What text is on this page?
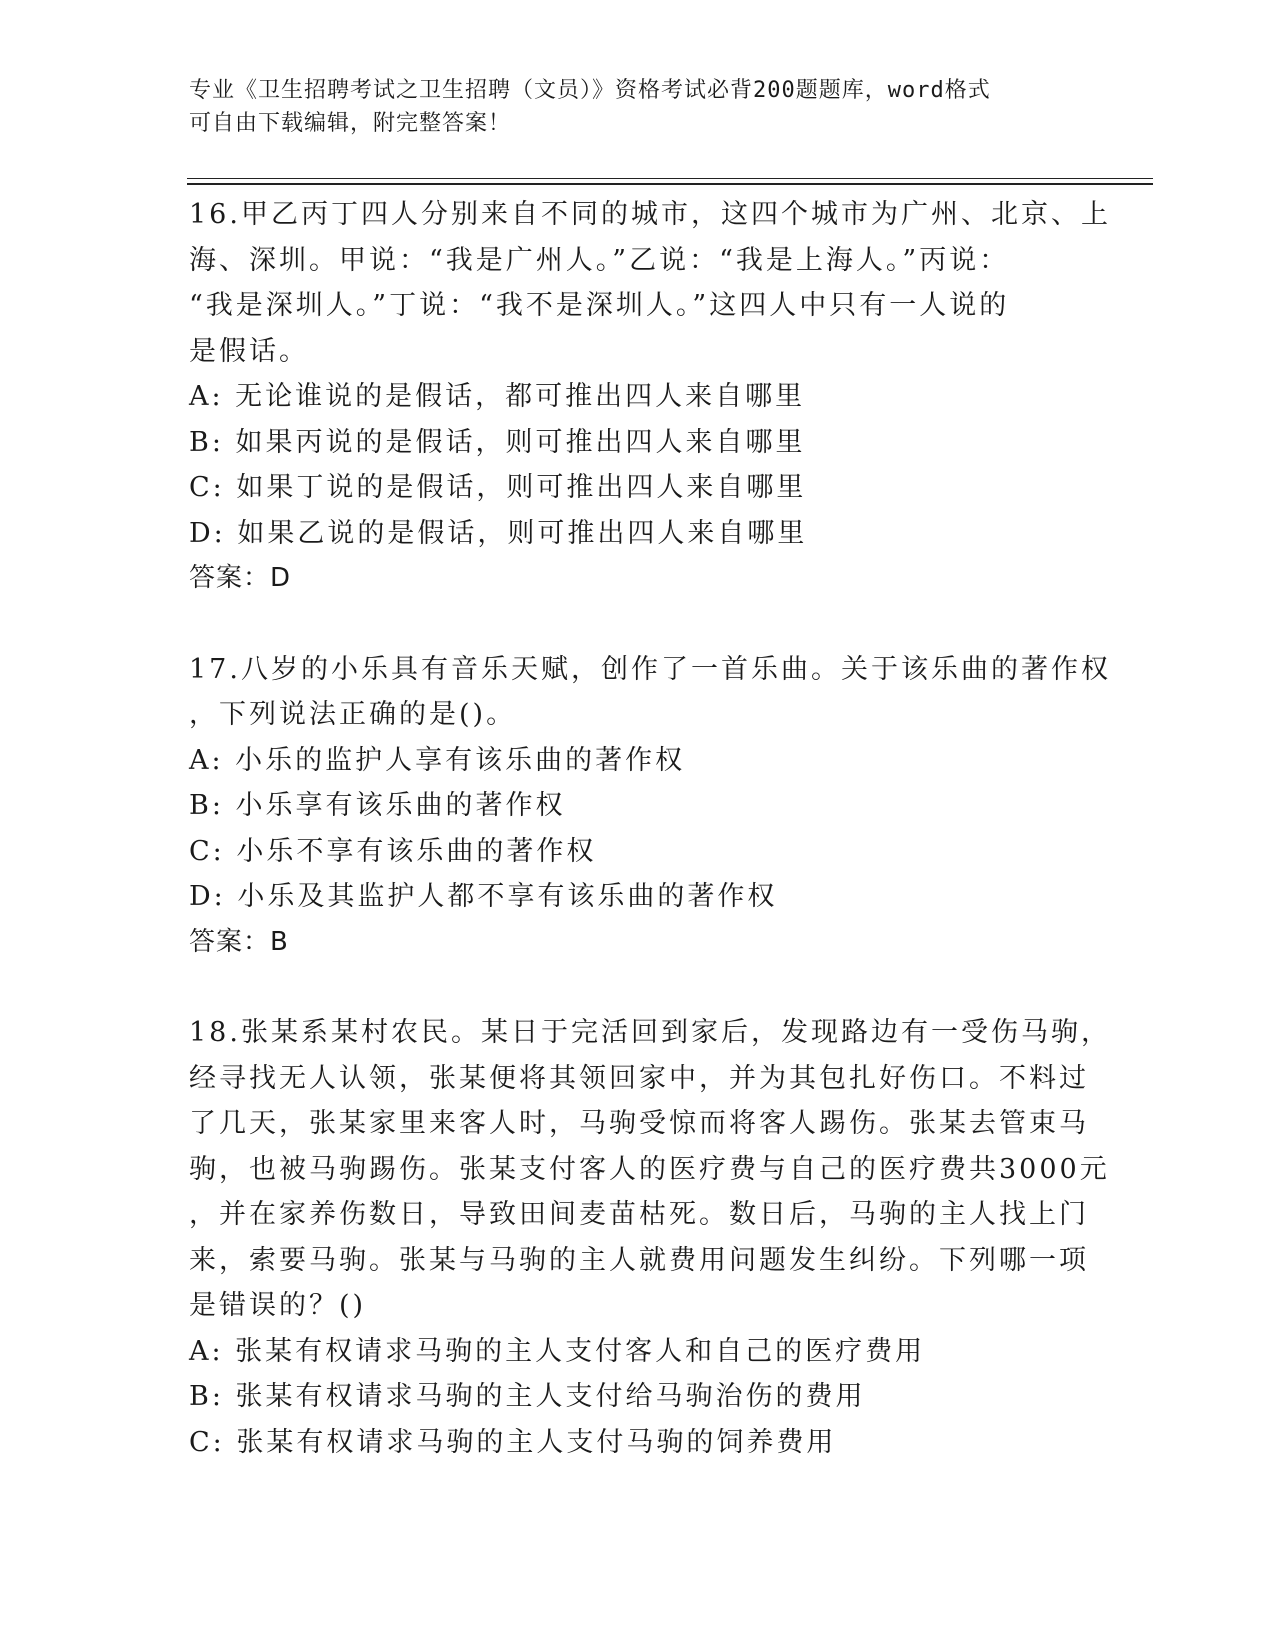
专业《卫生招聘考试之卫生招聘（文员）》资格考试必背200题题库，word格式
可自由下载编辑，附完整答案！
16.甲乙丙丁四人分别来自不同的城市，这四个城市为广州、北京、上
海、深圳。甲说：“我是广州人。”乙说：“我是上海人。”丙说：
“我是深圳人。”丁说：“我不是深圳人。”这四人中只有一人说的
是假话。
A: 无论谁说的是假话，都可推出四人来自哪里
B: 如果丙说的是假话，则可推出四人来自哪里
C: 如果丁说的是假话，则可推出四人来自哪里
D: 如果乙说的是假话，则可推出四人来自哪里
答案：D
17.八岁的小乐具有音乐天赋，创作了一首乐曲。关于该乐曲的著作权
，下列说法正确的是()。
A: 小乐的监护人享有该乐曲的著作权
B: 小乐享有该乐曲的著作权
C: 小乐不享有该乐曲的著作权
D: 小乐及其监护人都不享有该乐曲的著作权
答案：B
18.张某系某村农民。某日于完活回到家后，发现路边有一受伤马驹，
经寻找无人认领，张某便将其领回家中，并为其包扎好伤口。不料过
了几天，张某家里来客人时，马驹受惊而将客人踢伤。张某去管束马
驹，也被马驹踢伤。张某支付客人的医疗费与自己的医疗费共3000元
，并在家养伤数日，导致田间麦苗枯死。数日后，马驹的主人找上门
来，索要马驹。张某与马驹的主人就费用问题发生纠纷。下列哪一项
是错误的？()
A: 张某有权请求马驹的主人支付客人和自己的医疗费用
B: 张某有权请求马驹的主人支付给马驹治伤的费用
C: 张某有权请求马驹的主人支付马驹的饲养费用
